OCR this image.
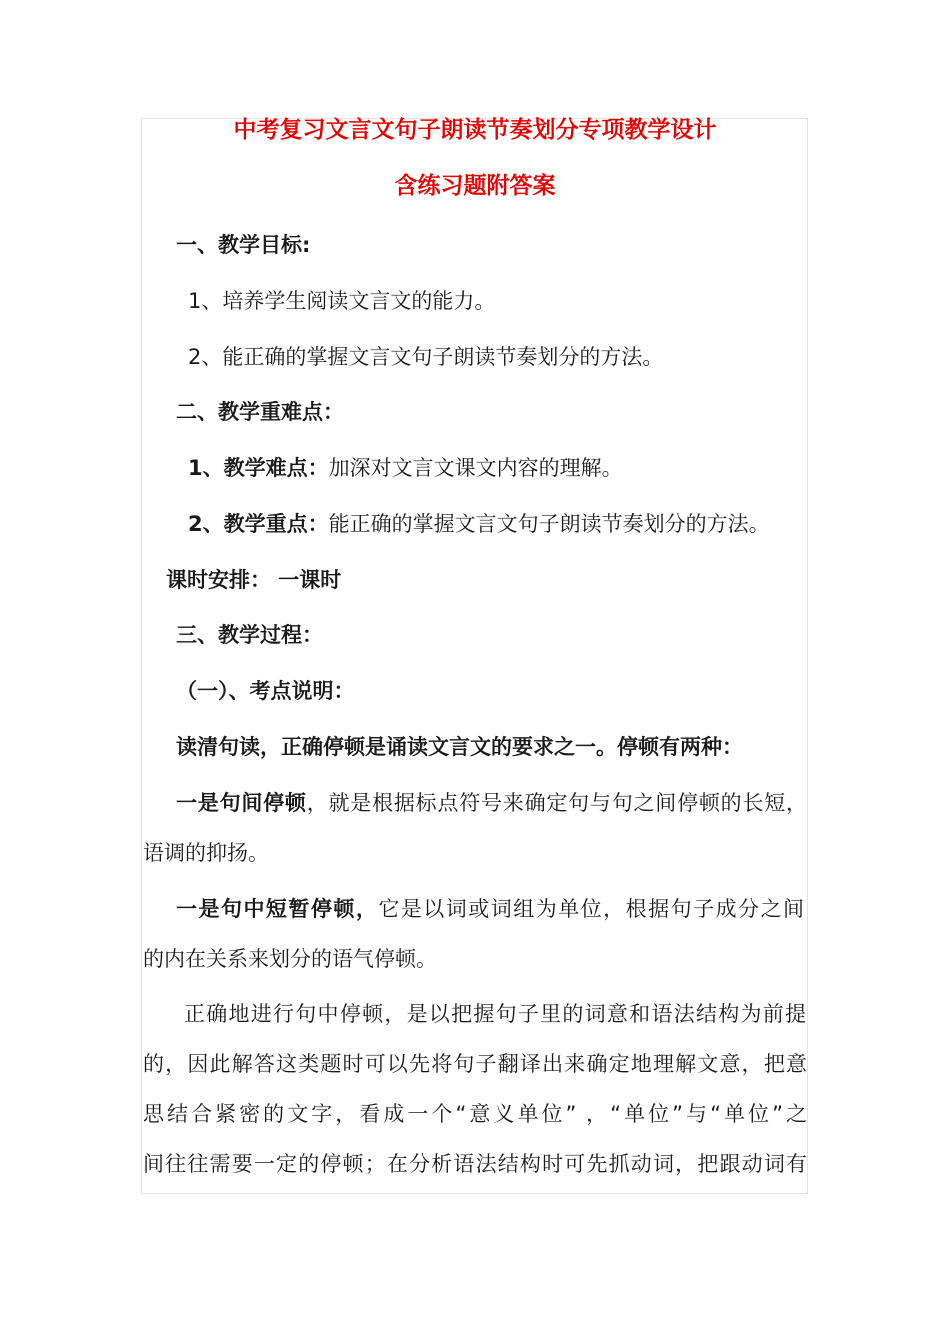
中考复习文言文句子朗读节奏划分专项教学设计
含练习题附答案
一、教学目标:
1、培养学生阅读文言文的能力。
2、能正确的掌握文言文句子朗读节奏划分的方法。
二、教学重难点：
1、教学难点：加深对文言文课文内容的理解。
2、教学重点：能正确的掌握文言文句子朗读节奏划分的方法。
课时安排： 一课时
三、教学过程：
（一）、考点说明：
读清句读，正确停顿是诵读文言文的要求之一。停顿有两种：
一是句间停顿，就是根据标点符号来确定句与句之间停顿的长短，
语调的抑扬。
一是句中短暂停顿，它是以词或词组为单位，根据句子成分之间
的内在关系来划分的语气停顿。
正确地进行句中停顿，是以把握句子里的词意和语法结构为前提
的，因此解答这类题时可以先将句子翻译出来确定地理解文意，把意
思结合紧密的文字，看成一个“意义单位” ，“单位”与“单位”之
间往往需要一定的停顿；在分析语法结构时可先抓动词，把跟动词有
